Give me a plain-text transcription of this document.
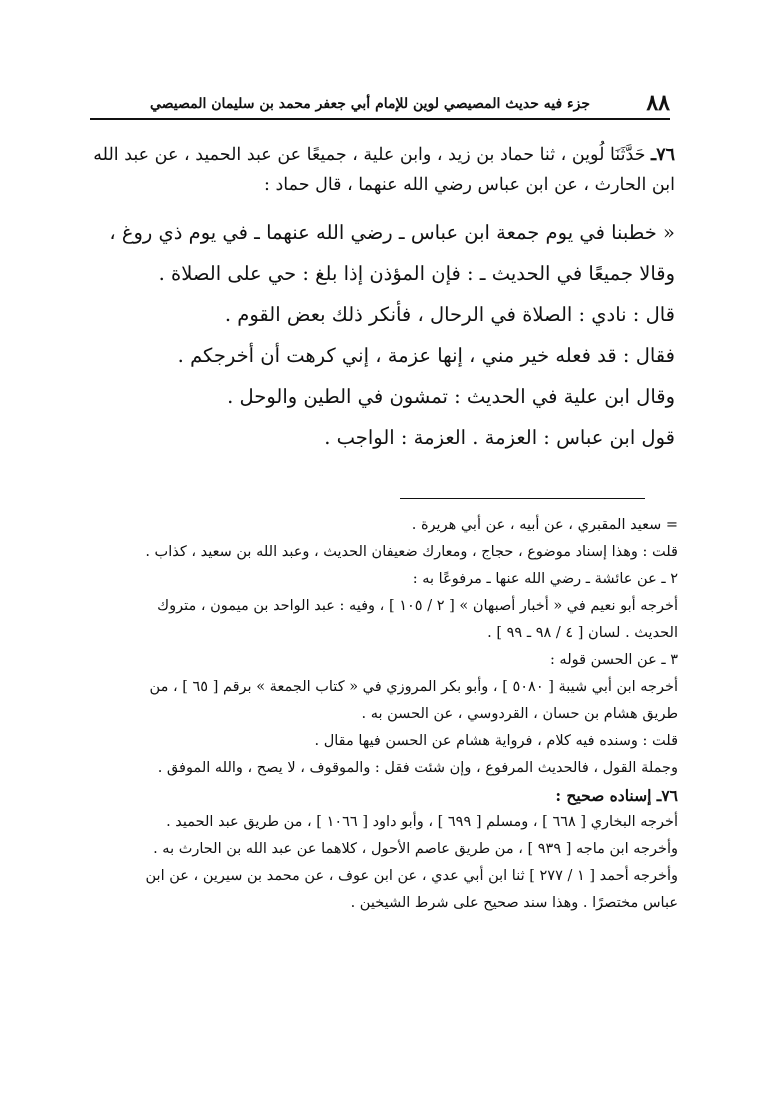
٨٨
جزء فيه حديث المصيصي لوين للإمام أبي جعفر محمد بن سليمان المصيصي
٧٦ـ حَدَّثَنَا لُوين ، ثنا حماد بن زيد ، وابن علية ، جميعًا عن عبد الحميد ، عن عبد الله
ابن الحارث ، عن ابن عباس رضي الله عنهما ، قال حماد :
« خطبنا في يوم جمعة ابن عباس ـ رضي الله عنهما ـ في يوم ذي روغ ،
وقالا جميعًا في الحديث ـ : فإن المؤذن إذا بلغ : حي على الصلاة .
قال : نادي : الصلاة في الرحال ، فأنكر ذلك بعض القوم .
فقال : قد فعله خير مني ، إنها عزمة ، إني كرهت أن أخرجكم .
وقال ابن علية في الحديث : تمشون في الطين والوحل .
قول ابن عباس : العزمة . العزمة : الواجب .
= سعيد المقبري ، عن أبيه ، عن أبي هريرة .
قلت : وهذا إسناد موضوع ، حجاج ، ومعارك ضعيفان الحديث ، وعبد الله بن سعيد ، كذاب .
٢ ـ عن عائشة ـ رضي الله عنها ـ مرفوعًا به :
أخرجه أبو نعيم في « أخبار أصبهان » [ ٢ / ١٠٥ ] ، وفيه : عبد الواحد بن ميمون ، متروك
الحديث . لسان [ ٤ / ٩٨ ـ ٩٩ ] .
٣ ـ عن الحسن قوله :
أخرجه ابن أبي شيبة [ ٥٠٨٠ ] ، وأبو بكر المروزي في « كتاب الجمعة » برقم [ ٦٥ ] ، من
طريق هشام بن حسان ، القردوسي ، عن الحسن به .
قلت : وسنده فيه كلام ، فرواية هشام عن الحسن فيها مقال .
وجملة القول ، فالحديث المرفوع ، وإن شئت فقل : والموقوف ، لا يصح ، والله الموفق .
٧٦ـ إسناده صحيح :
أخرجه البخاري [ ٦٦٨ ] ، ومسلم [ ٦٩٩ ] ، وأبو داود [ ١٠٦٦ ] ، من طريق عبد الحميد .
وأخرجه ابن ماجه [ ٩٣٩ ] ، من طريق عاصم الأحول ، كلاهما عن عبد الله بن الحارث به .
وأخرجه أحمد [ ١ / ٢٧٧ ] ثنا ابن أبي عدي ، عن ابن عوف ، عن محمد بن سيرين ، عن ابن
عباس مختصرًا . وهذا سند صحيح على شرط الشيخين .
